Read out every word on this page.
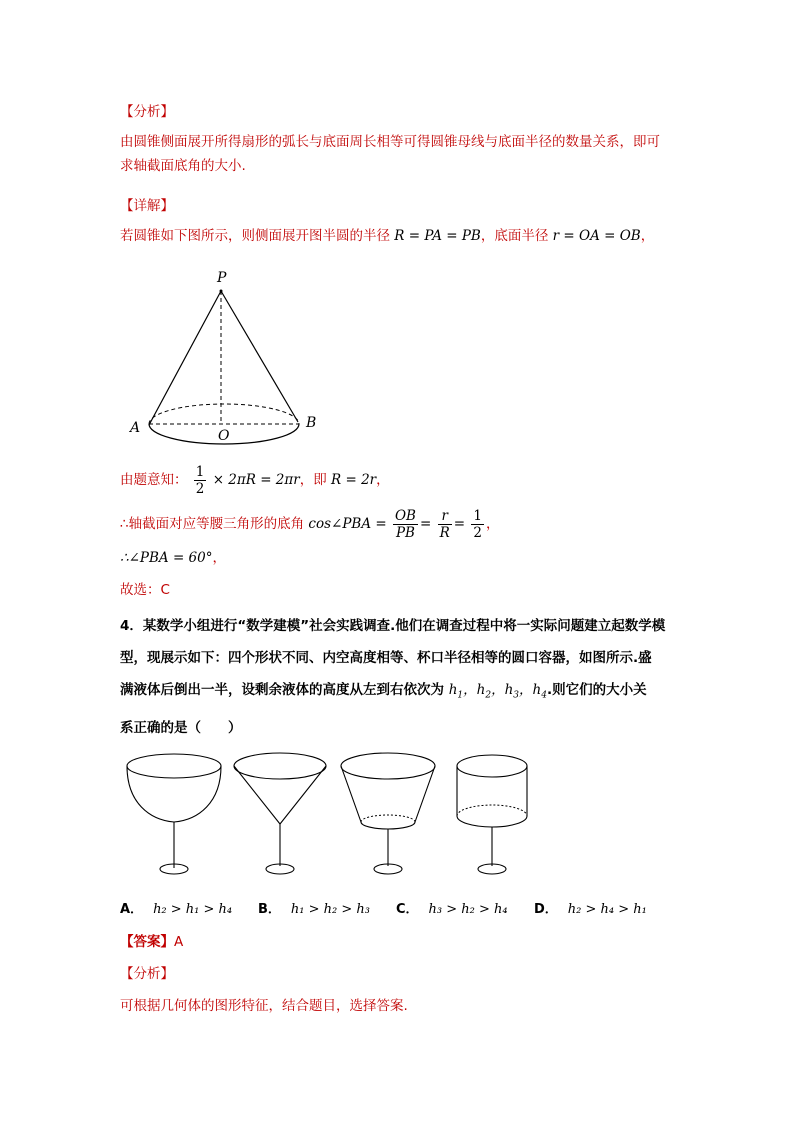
【分析】
由圆锥侧面展开所得扇形的弧长与底面周长相等可得圆锥母线与底面半径的数量关系，即可
求轴截面底角的大小.
【详解】
若圆锥如下图所示，则侧面展开图半圆的半径 R = PA = PB，底面半径 r = OA = OB，
P
A	B
O
由题意知： $\frac{1}{2} \times 2\pi R = 2\pi r$，即 R = 2r，
∴轴截面对应等腰三角形的底角 cos∠PBA = $\frac{OB}{PB} = \frac{r}{R} = \frac{1}{2}$ ，
∴∠PBA = 60°，
故选：C
4．某数学小组进行“数学建模”社会实践调查.他们在调查过程中将一实际问题建立起数学模
型，现展示如下：四个形状不同、内空高度相等、杯口半径相等的圆口容器，如图所示.盛
满液体后倒出一半，设剩余液体的高度从左到右依次为 $h_1$，$h_2$，$h_3$，$h_4$.则它们的大小关
系正确的是（　　）
A． h₂ > h₁ > h₄ B． h₁ > h₂ > h₃ C． h₃ > h₂ > h₄ D． h₂ > h₄ > h₁
【答案】A
【分析】
可根据几何体的图形特征，结合题目，选择答案.
